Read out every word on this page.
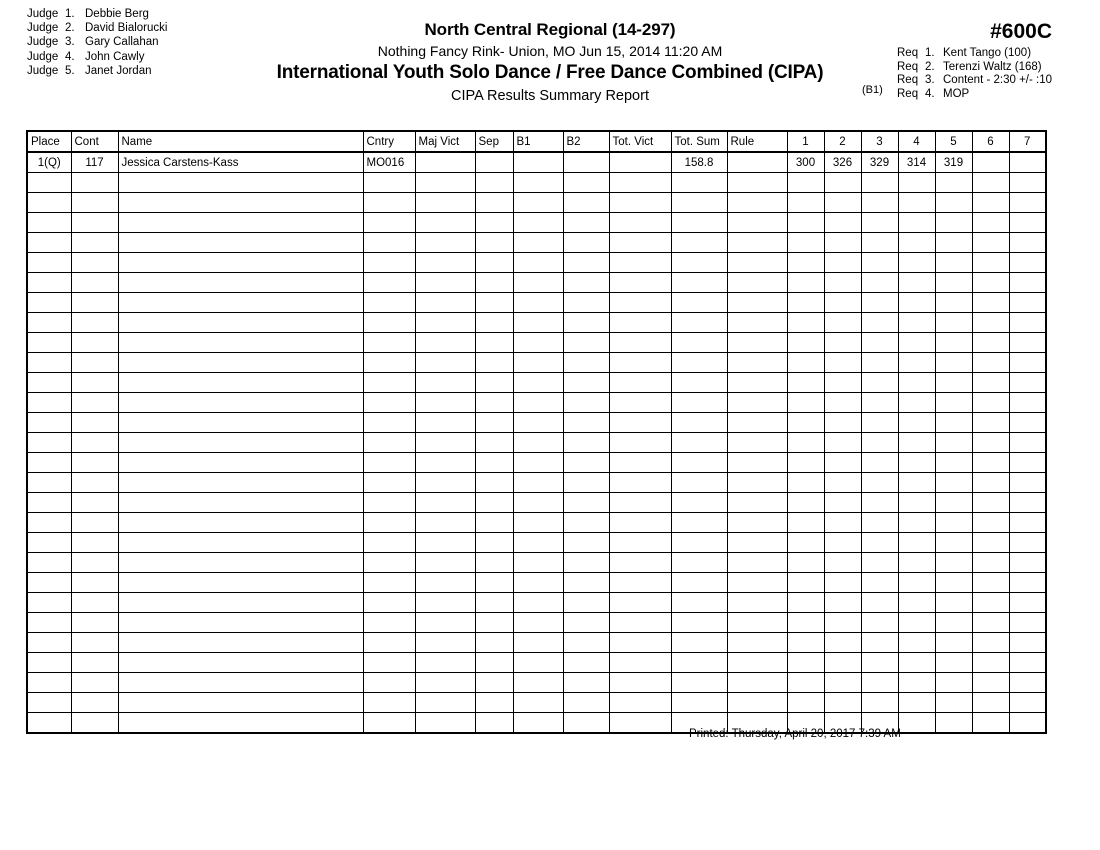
Judge 1. Debbie Berg
Judge 2. David Bialorucki
Judge 3. Gary Callahan
Judge 4. John Cawly
Judge 5. Janet Jordan
North Central Regional (14-297)
Nothing Fancy Rink- Union, MO Jun 15, 2014 11:20 AM
International Youth Solo Dance / Free Dance Combined (CIPA)
CIPA Results Summary Report
#600C
Req 1. Kent Tango (100)
Req 2. Terenzi Waltz (168)
Req 3. Content - 2:30 +/- :10
Req 4. MOP
(B1)
Place	Cont	Name	Cntry	Maj Vict	Sep	B1	B2	Tot. Vict	Tot. Sum	Rule	1	2	3	4	5	6	7
1(Q)	117	Jessica Carstens-Kass	MO016						158.8		300	326	329	314	319		

Printed: Thursday, April 20, 2017 7:39 AM
